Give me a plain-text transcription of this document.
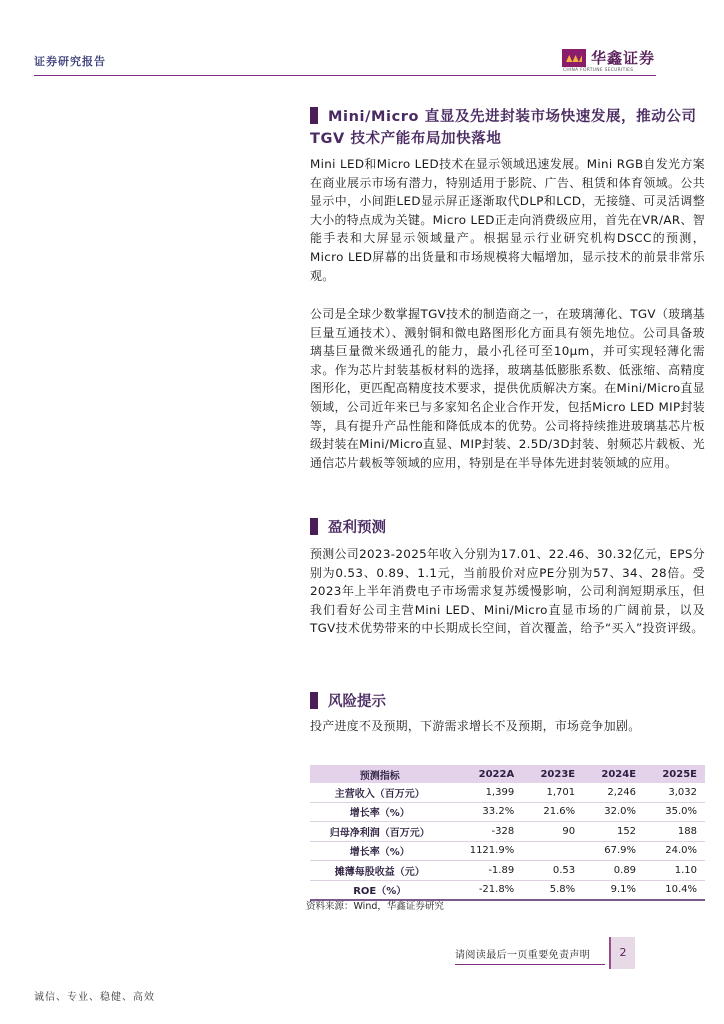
证券研究报告	华鑫证券
CHINA FORTUNE SECURITIES
Mini/Micro 直显及先进封装市场快速发展，推动公司 TGV 技术产能布局加快落地

Mini LED和Micro LED技术在显示领域迅速发展。Mini RGB自发光方案在商业展示市场有潜力，特别适用于影院、广告、租赁和体育领域。公共显示中，小间距LED显示屏正逐渐取代DLP和LCD，无接缝、可灵活调整大小的特点成为关键。Micro LED正走向消费级应用，首先在VR/AR、智能手表和大屏显示领域量产。根据显示行业研究机构DSCC的预测，Micro LED屏幕的出货量和市场规模将大幅增加，显示技术的前景非常乐观。

公司是全球少数掌握TGV技术的制造商之一，在玻璃薄化、TGV（玻璃基巨量互通技术）、溅射铜和微电路图形化方面具有领先地位。公司具备玻璃基巨量微米级通孔的能力，最小孔径可至10μm，并可实现轻薄化需求。作为芯片封装基板材料的选择，玻璃基低膨胀系数、低涨缩、高精度图形化，更匹配高精度技术要求，提供优质解决方案。在Mini/Micro直显领域，公司近年来已与多家知名企业合作开发，包括Micro LED MIP封装等，具有提升产品性能和降低成本的优势。公司将持续推进玻璃基芯片板级封装在Mini/Micro直显、MIP封装、2.5D/3D封装、射频芯片载板、光通信芯片载板等领域的应用，特别是在半导体先进封装领域的应用。

盈利预测

预测公司2023-2025年收入分别为17.01、22.46、30.32亿元，EPS分别为0.53、0.89、1.1元，当前股价对应PE分别为57、34、28倍。受2023年上半年消费电子市场需求复苏缓慢影响，公司利润短期承压，但我们看好公司主营Mini LED、Mini/Micro直显市场的广阔前景，以及TGV技术优势带来的中长期成长空间，首次覆盖，给予“买入”投资评级。

风险提示

投产进度不及预期，下游需求增长不及预期，市场竞争加剧。

预测指标	2022A	2023E	2024E	2025E
主营收入（百万元）	1,399	1,701	2,246	3,032
增长率（%）	33.2%	21.6%	32.0%	35.0%
归母净利润（百万元）	-328	90	152	188
增长率（%）	1121.9%		67.9%	24.0%
摊薄每股收益（元）	-1.89	0.53	0.89	1.10
ROE（%）	-21.8%	5.8%	9.1%	10.4%
资料来源：Wind，华鑫证券研究
请阅读最后一页重要免责声明	2
诚信、专业、稳健、高效
